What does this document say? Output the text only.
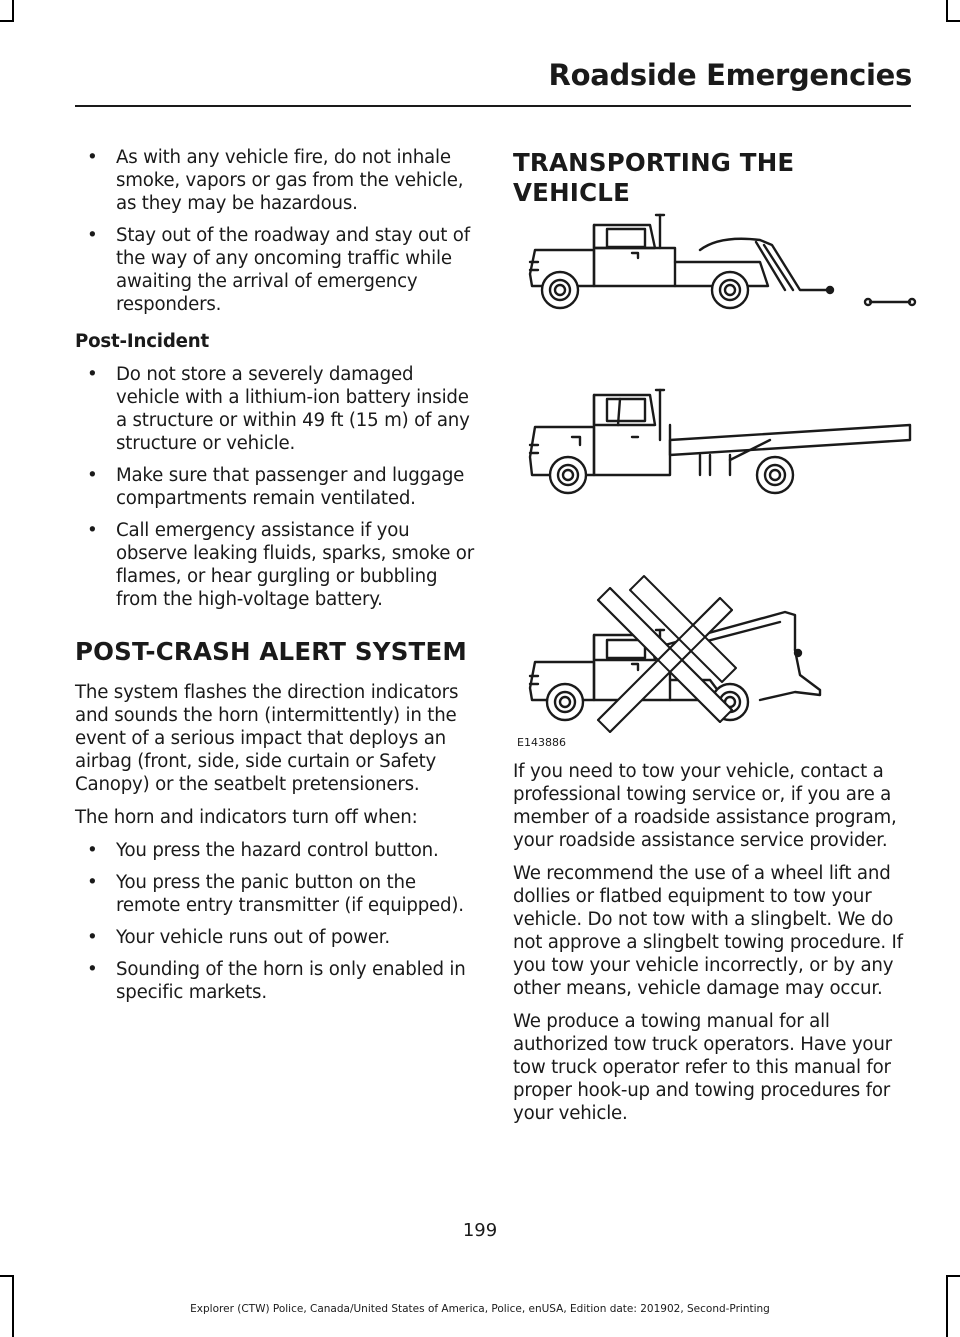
Roadside Emergencies
• As with any vehicle fire, do not inhale smoke, vapors or gas from the vehicle, as they may be hazardous.
• Stay out of the roadway and stay out of the way of any oncoming traffic while awaiting the arrival of emergency responders.
Post-Incident
• Do not store a severely damaged vehicle with a lithium-ion battery inside a structure or within 49 ft (15 m) of any structure or vehicle.
• Make sure that passenger and luggage compartments remain ventilated.
• Call emergency assistance if you observe leaking fluids, sparks, smoke or flames, or hear gurgling or bubbling from the high-voltage battery.
POST-CRASH ALERT SYSTEM

The system flashes the direction indicators and sounds the horn (intermittently) in the event of a serious impact that deploys an airbag (front, side, side curtain or Safety Canopy) or the seatbelt pretensioners.

The horn and indicators turn off when:

• You press the hazard control button.
• You press the panic button on the remote entry transmitter (if equipped).
• Your vehicle runs out of power.
• Sounding of the horn is only enabled in specific markets.
TRANSPORTING THE VEHICLE
E143886

If you need to tow your vehicle, contact a professional towing service or, if you are a member of a roadside assistance program, your roadside assistance service provider.

We recommend the use of a wheel lift and dollies or flatbed equipment to tow your vehicle. Do not tow with a slingbelt. We do not approve a slingbelt towing procedure. If you tow your vehicle incorrectly, or by any other means, vehicle damage may occur.

We produce a towing manual for all authorized tow truck operators. Have your tow truck operator refer to this manual for proper hook-up and towing procedures for your vehicle.

199
Explorer (CTW) Police, Canada/United States of America, Police, enUSA, Edition date: 201902, Second-Printing
